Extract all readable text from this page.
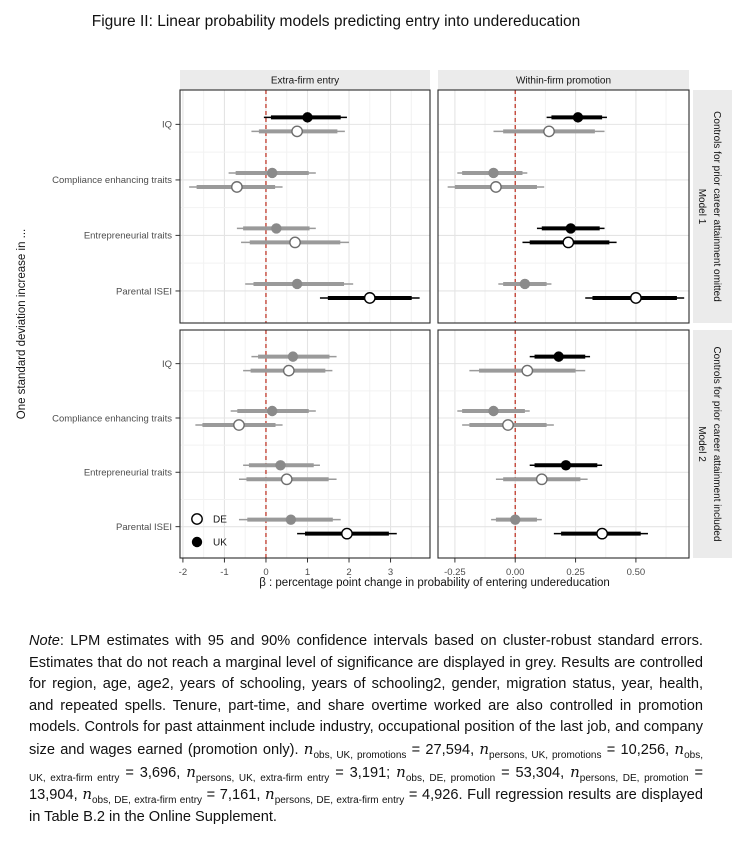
Figure II: Linear probability models predicting entry into undereducation
Extra-firm entry	Within-firm promotion
Model 1 Controls for prior career attainment omitted
Model 2 Controls for prior career attainment included
IQ
Compliance enhancing traits
Entrepreneurial traits
Parental ISEI
IQ
Compliance enhancing traits
Entrepreneurial traits
Parental ISEI
-2	-1	0	1	2	3	-0.25	0.00	0.25	0.50
DE
UK
β : percentage point change in probability of entering undereducation
One standard deviation increase in ...
Note: LPM estimates with 95 and 90% confidence intervals based on cluster-robust standard errors. Estimates that do not reach a marginal level of significance are displayed in grey. Results are controlled for region, age, age2, years of schooling, years of schooling2, gender, migration status, year, health, and repeated spells. Tenure, part-time, and share overtime worked are also controlled in promotion models. Controls for past attainment include industry, occupational position of the last job, and company size and wages earned (promotion only). $n_{obs, UK, promotions} = 27,594$, $n_{persons, UK, promotions} = 10,256$, $n_{obs, UK, extra-firm entry} = 3,696$, $n_{persons, UK, extra-firm entry} = 3,191$; $n_{obs, DE, promotion} = 53,304$, $n_{persons, DE, promotion} = 13,904$, $n_{obs, DE, extra-firm entry} = 7,161$, $n_{persons, DE, extra-firm entry} = 4,926$. Full regression results are displayed in Table B.2 in the Online Supplement.
